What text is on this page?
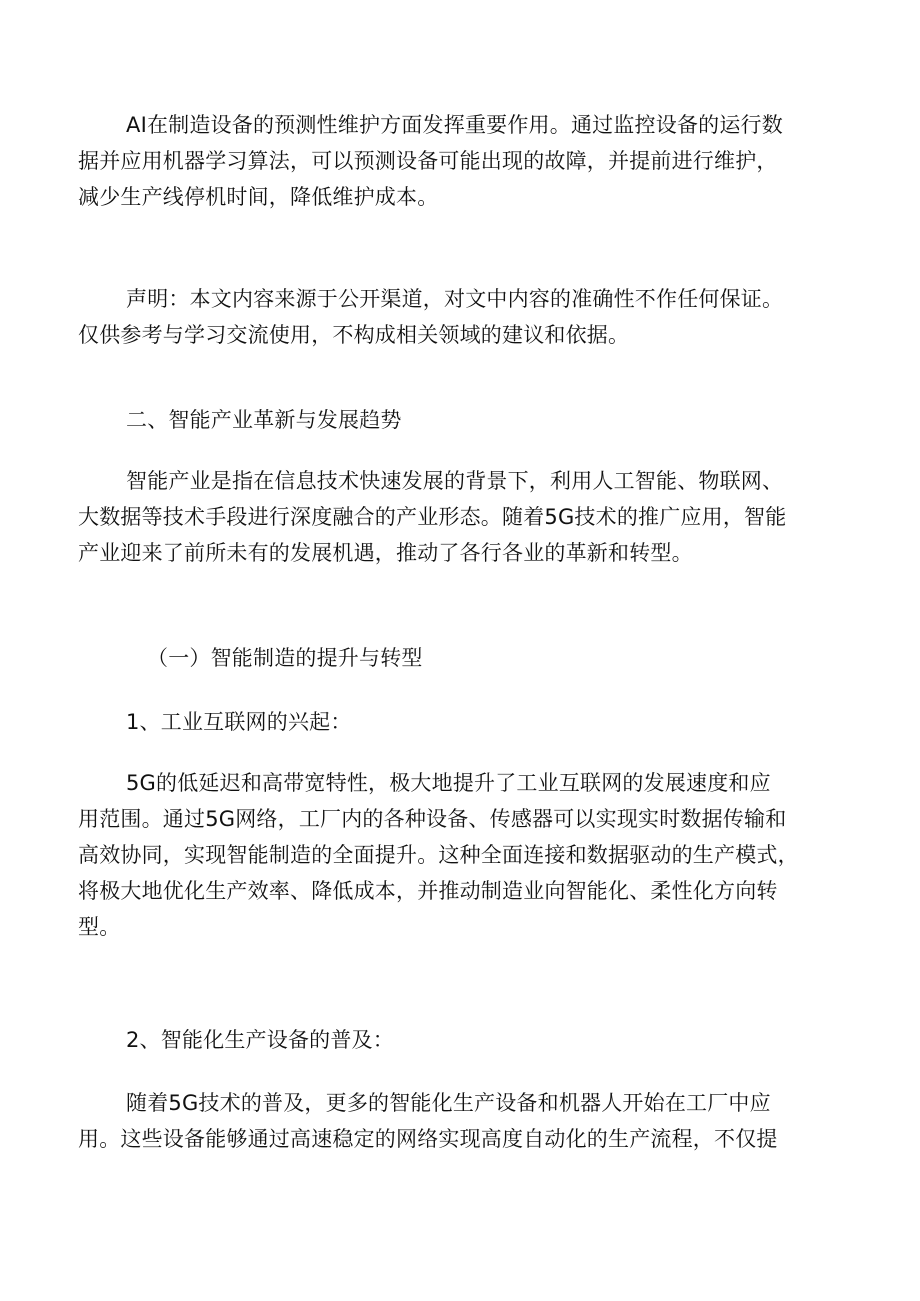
AI在制造设备的预测性维护方面发挥重要作用。通过监控设备的运行数
据并应用机器学习算法，可以预测设备可能出现的故障，并提前进行维护，
减少生产线停机时间，降低维护成本。
声明：本文内容来源于公开渠道，对文中内容的准确性不作任何保证。
仅供参考与学习交流使用，不构成相关领域的建议和依据。
二、智能产业革新与发展趋势
智能产业是指在信息技术快速发展的背景下，利用人工智能、物联网、
大数据等技术手段进行深度融合的产业形态。随着5G技术的推广应用，智能
产业迎来了前所未有的发展机遇，推动了各行各业的革新和转型。
（一）智能制造的提升与转型
1、工业互联网的兴起：
5G的低延迟和高带宽特性，极大地提升了工业互联网的发展速度和应
用范围。通过5G网络，工厂内的各种设备、传感器可以实现实时数据传输和
高效协同，实现智能制造的全面提升。这种全面连接和数据驱动的生产模式，
将极大地优化生产效率、降低成本，并推动制造业向智能化、柔性化方向转
型。
2、智能化生产设备的普及：
随着5G技术的普及，更多的智能化生产设备和机器人开始在工厂中应
用。这些设备能够通过高速稳定的网络实现高度自动化的生产流程，不仅提
